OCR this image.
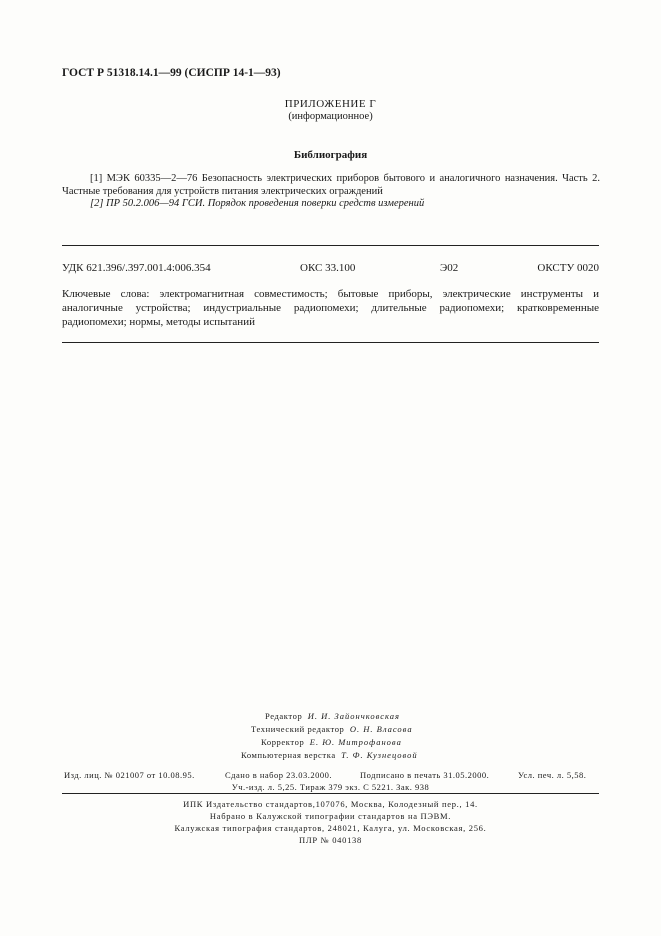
ГОСТ Р 51318.14.1—99 (СИСПР 14-1—93)
ПРИЛОЖЕНИЕ Г
(информационное)
Библиография
[1] МЭК 60335—2—76 Безопасность электрических приборов бытового и аналогичного назначения. Часть 2. Частные требования для устройств питания электрических ограждений
[2] ПР 50.2.006—94 ГСИ. Порядок проведения поверки средств измерений
УДК 621.396/.397.001.4:006.354	ОКС 33.100	Э02	ОКСТУ 0020
Ключевые слова: электромагнитная совместимость; бытовые приборы, электрические инструменты и аналогичные устройства; индустриальные радиопомехи; длительные радиопомехи; кратковременные радиопомехи; нормы, методы испытаний
Редактор И. И. Зайончковская
Технический редактор О. Н. Власова
Корректор Е. Ю. Митрофанова
Компьютерная верстка Т. Ф. Кузнецовой
Изд. лиц. № 021007 от 10.08.95.	Сдано в набор 23.03.2000.	Подписано в печать 31.05.2000.	Усл. печ. л. 5,58.
Уч.-изд. л. 5,25. Тираж 379 экз. С 5221. Зак. 938
ИПК Издательство стандартов,107076, Москва, Колодезный пер., 14.
Набрано в Калужской типографии стандартов на ПЭВМ.
Калужская типография стандартов, 248021, Калуга, ул. Московская, 256.
ПЛР № 040138
